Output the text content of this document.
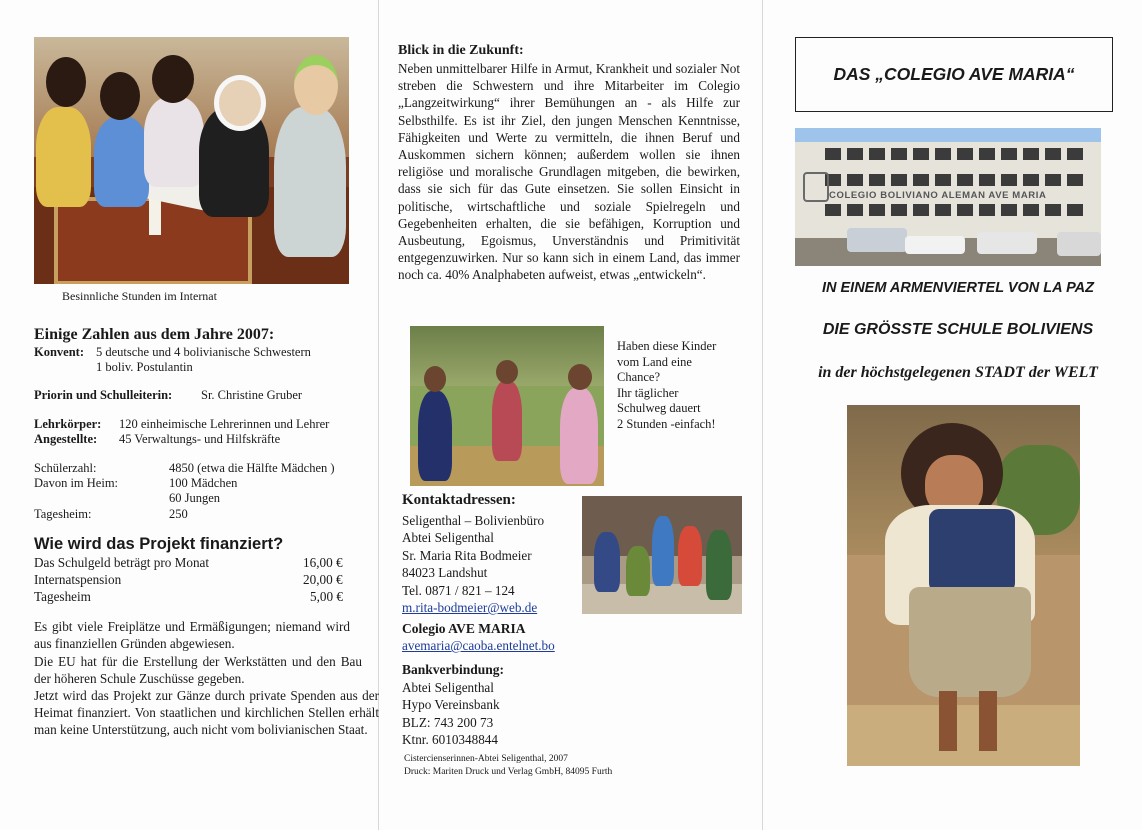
Besinnliche Stunden im Internat
Einige Zahlen aus dem Jahre 2007:
Konvent: 5 deutsche und 4 bolivianische Schwestern
1 boliv. Postulantin
Priorin und Schulleiterin: Sr. Christine Gruber
Lehrkörper: 120 einheimische Lehrerinnen und Lehrer
Angestellte: 45 Verwaltungs- und Hilfskräfte
Schülerzahl:	4850 (etwa die Hälfte Mädchen )
Davon im Heim:	100 Mädchen
60 Jungen
Tagesheim:	250
Wie wird das Projekt finanziert?
Das Schulgeld beträgt pro Monat	16,00 €
Internatspension	20,00 €
Tagesheim	5,00 €
Es gibt viele Freiplätze und Ermäßigungen; niemand wird aus finanziellen Gründen abgewiesen.
Die EU hat für die Erstellung der Werkstätten und den Bau der höheren Schule Zuschüsse gegeben.
Jetzt wird das Projekt zur Gänze durch private Spenden aus der Heimat finanziert. Von staatlichen und kirchlichen Stellen erhält man keine Unterstützung, auch nicht vom bolivianischen Staat.
Blick in die Zukunft:
Neben unmittelbarer Hilfe in Armut, Krankheit und sozialer Not streben die Schwestern und ihre Mitarbeiter im Colegio „Langzeitwirkung“ ihrer Bemühungen an - als Hilfe zur Selbsthilfe. Es ist ihr Ziel, den jungen Menschen Kenntnisse, Fähigkeiten und Werte zu vermitteln, die ihnen Beruf und Auskommen sichern können; außerdem wollen sie ihnen religiöse und moralische Grundlagen mitgeben, die bewirken, dass sie sich für das Gute einsetzen. Sie sollen Einsicht in politische, wirtschaftliche und soziale Spielregeln und Gegebenheiten erhalten, die sie befähigen, Korruption und Ausbeutung, Egoismus, Unverständnis und Primitivität entgegenzuwirken. Nur so kann sich in einem Land, das immer noch ca. 40% Analphabeten aufweist, etwas „entwickeln“.
Haben diese Kinder
vom Land eine
Chance?
Ihr täglicher
Schulweg dauert
2 Stunden -einfach!
Kontaktadressen:
Seligenthal – Bolivienbüro
Abtei Seligenthal
Sr. Maria Rita Bodmeier
84023 Landshut
Tel. 0871 / 821 – 124
m.rita-bodmeier@web.de
Colegio AVE MARIA
avemaria@caoba.entelnet.bo
Bankverbindung:
Abtei Seligenthal
Hypo Vereinsbank
BLZ: 743 200 73
Ktnr. 6010348844
Cistercienserinnen-Abtei Seligenthal, 2007
Druck: Mariten Druck und Verlag GmbH, 84095 Furth
DAS „COLEGIO AVE MARIA“
COLEGIO BOLIVIANO ALEMAN AVE MARIA
IN EINEM ARMENVIERTEL VON LA PAZ
DIE GRÖSSTE SCHULE BOLIVIENS
in der höchstgelegenen STADT der WELT
